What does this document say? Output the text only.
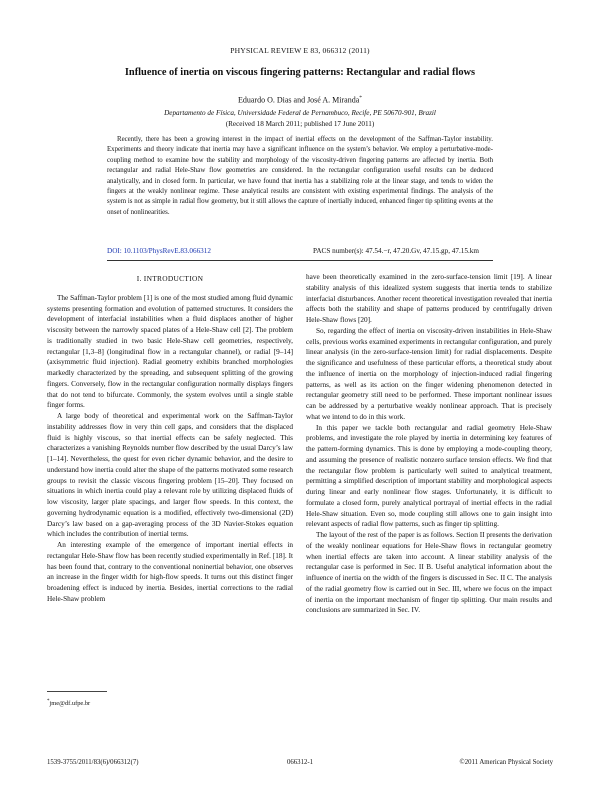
PHYSICAL REVIEW E 83, 066312 (2011)
Influence of inertia on viscous fingering patterns: Rectangular and radial flows
Eduardo O. Dias and José A. Miranda*
Departamento de Física, Universidade Federal de Pernambuco, Recife, PE 50670-901, Brazil
(Received 18 March 2011; published 17 June 2011)

Recently, there has been a growing interest in the impact of inertial effects on the development of the Saffman-Taylor instability. Experiments and theory indicate that inertia may have a significant influence on the system’s behavior. We employ a perturbative-mode-coupling method to examine how the stability and morphology of the viscosity-driven fingering patterns are affected by inertia. Both rectangular and radial Hele-Shaw flow geometries are considered. In the rectangular configuration useful results can be deduced analytically, and in closed form. In particular, we have found that inertia has a stabilizing role at the linear stage, and tends to widen the fingers at the weakly nonlinear regime. These analytical results are consistent with existing experimental findings. The analysis of the system is not as simple in radial flow geometry, but it still allows the capture of inertially induced, enhanced finger tip splitting events at the onset of nonlinearities.

DOI: 10.1103/PhysRevE.83.066312	PACS number(s): 47.54.−r, 47.20.Gv, 47.15.gp, 47.15.km
I. INTRODUCTION

The Saffman-Taylor problem [1] is one of the most studied among fluid dynamic systems presenting formation and evolution of patterned structures. It considers the development of interfacial instabilities when a fluid displaces another of higher viscosity between the narrowly spaced plates of a Hele-Shaw cell [2]. The problem is traditionally studied in two basic Hele-Shaw cell geometries, respectively, rectangular [1,3–8] (longitudinal flow in a rectangular channel), or radial [9–14] (axisymmetric fluid injection). Radial geometry exhibits branched morphologies markedly characterized by the spreading, and subsequent splitting of the growing fingers. Conversely, flow in the rectangular configuration normally displays fingers that do not tend to bifurcate. Commonly, the system evolves until a single stable finger forms.

A large body of theoretical and experimental work on the Saffman-Taylor instability addresses flow in very thin cell gaps, and considers that the displaced fluid is highly viscous, so that inertial effects can be safely neglected. This characterizes a vanishing Reynolds number flow described by the usual Darcy’s law [1–14]. Nevertheless, the quest for even richer dynamic behavior, and the desire to understand how inertia could alter the shape of the patterns motivated some research groups to revisit the classic viscous fingering problem [15–20]. They focused on situations in which inertia could play a relevant role by utilizing displaced fluids of low viscosity, larger plate spacings, and larger flow speeds. In this context, the governing hydrodynamic equation is a modified, effectively two-dimensional (2D) Darcy’s law based on a gap-averaging process of the 3D Navier-Stokes equation which includes the contribution of inertial terms.

An interesting example of the emergence of important inertial effects in rectangular Hele-Shaw flow has been recently studied experimentally in Ref. [18]. It has been found that, contrary to the conventional noninertial behavior, one observes an increase in the finger width for high-flow speeds. It turns out this distinct finger broadening effect is induced by inertia. Besides, inertial corrections to the radial Hele-Shaw problem

have been theoretically examined in the zero-surface-tension limit [19]. A linear stability analysis of this idealized system suggests that inertia tends to stabilize interfacial disturbances. Another recent theoretical investigation revealed that inertia affects both the stability and shape of patterns produced by centrifugally driven Hele-Shaw flows [20].

So, regarding the effect of inertia on viscosity-driven instabilities in Hele-Shaw cells, previous works examined experiments in rectangular configuration, and purely linear analysis (in the zero-surface-tension limit) for radial displacements. Despite the significance and usefulness of these particular efforts, a theoretical study about the influence of inertia on the morphology of injection-induced radial fingering patterns, as well as its action on the finger widening phenomenon detected in rectangular geometry still need to be performed. These important nonlinear issues can be addressed by a perturbative weakly nonlinear approach. That is precisely what we intend to do in this work.

In this paper we tackle both rectangular and radial geometry Hele-Shaw problems, and investigate the role played by inertia in determining key features of the pattern-forming dynamics. This is done by employing a mode-coupling theory, and assuming the presence of realistic nonzero surface tension effects. We find that the rectangular flow problem is particularly well suited to analytical treatment, permitting a simplified description of important stability and morphological aspects during linear and early nonlinear flow stages. Unfortunately, it is difficult to formulate a closed form, purely analytical portrayal of inertial effects in the radial Hele-Shaw situation. Even so, mode coupling still allows one to gain insight into relevant aspects of radial flow patterns, such as finger tip splitting.

The layout of the rest of the paper is as follows. Section II presents the derivation of the weakly nonlinear equations for Hele-Shaw flows in rectangular geometry when inertial effects are taken into account. A linear stability analysis of the rectangular case is performed in Sec. II B. Useful analytical information about the influence of inertia on the width of the fingers is discussed in Sec. II C. The analysis of the radial geometry flow is carried out in Sec. III, where we focus on the impact of inertia on the important mechanism of finger tip splitting. Our main results and conclusions are summarized in Sec. IV.

*jme@df.ufpe.br
1539-3755/2011/83(6)/066312(7)	066312-1	©2011 American Physical Society
